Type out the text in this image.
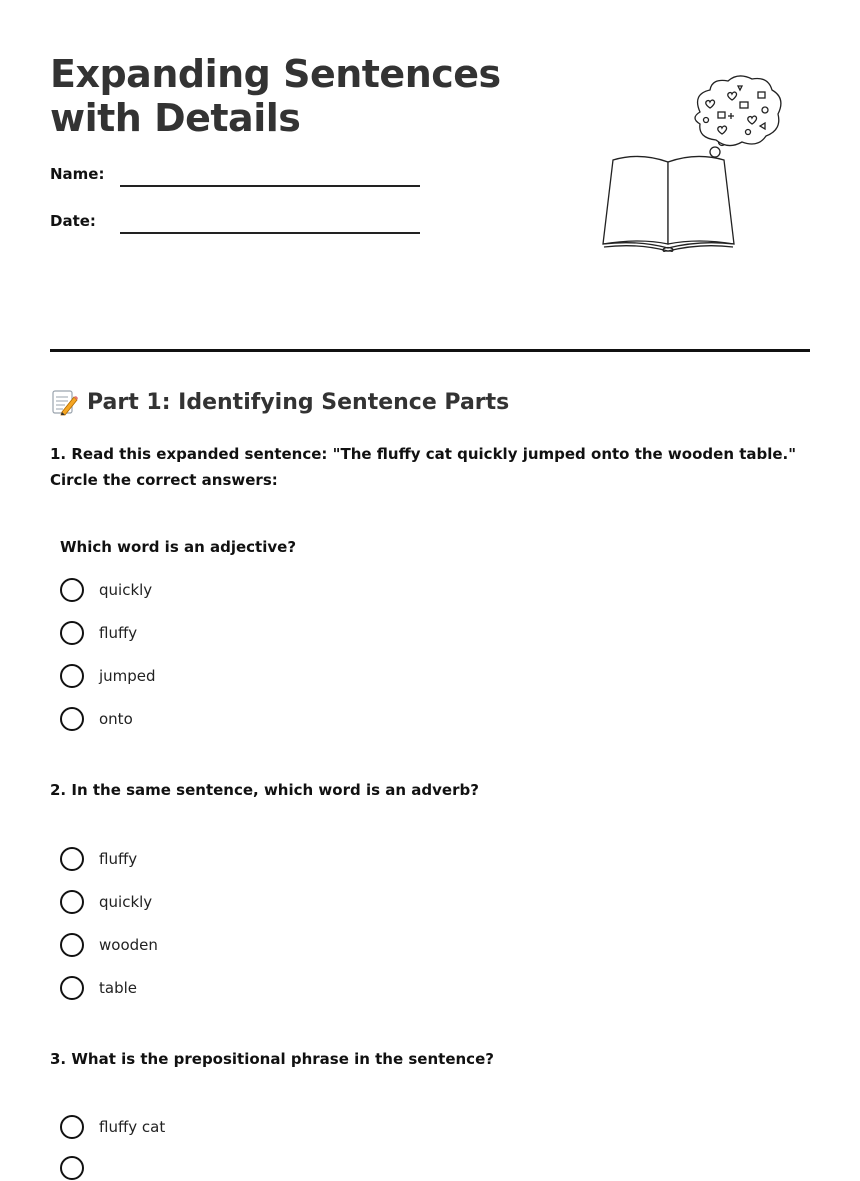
Expanding Sentences
with Details
Name:
Date:
Part 1: Identifying Sentence Parts
1. Read this expanded sentence: "The fluffy cat quickly jumped onto the wooden table." Circle the correct answers:
Which word is an adjective?
quickly
fluffy
jumped
onto
2. In the same sentence, which word is an adverb?
fluffy
quickly
wooden
table
3. What is the prepositional phrase in the sentence?
fluffy cat
